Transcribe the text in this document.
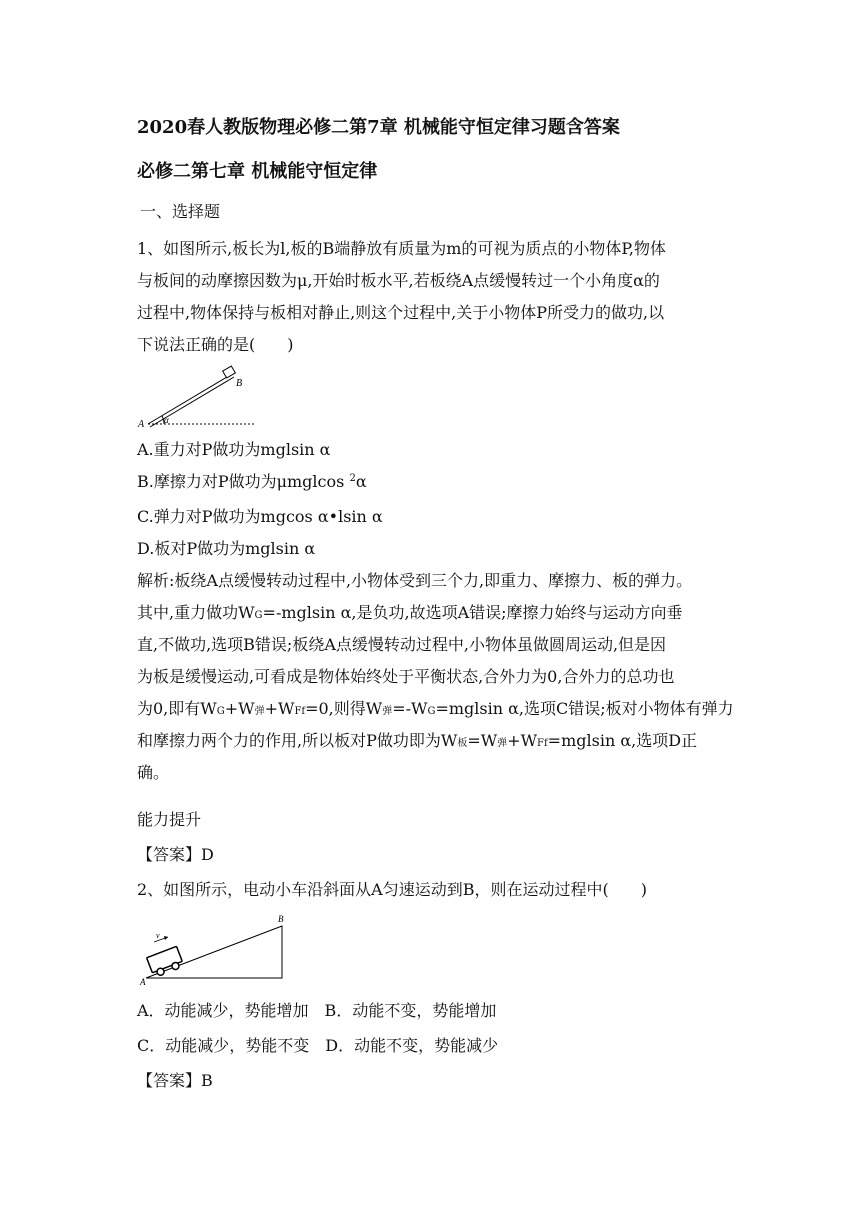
2020春人教版物理必修二第7章 机械能守恒定律习题含答案
必修二第七章 机械能守恒定律
一、选择题
1、如图所示,板长为l,板的B端静放有质量为m的可视为质点的小物体P,物体
与板间的动摩擦因数为μ,开始时板水平,若板绕A点缓慢转过一个小角度α的
过程中,物体保持与板相对静止,则这个过程中,关于小物体P所受力的做功,以
下说法正确的是(　　)
A
B
α
A.重力对P做功为mglsin α
B.摩擦力对P做功为μmglcos $^2$α
C.弹力对P做功为mgcos α•lsin α
D.板对P做功为mglsin α
解析:板绕A点缓慢转动过程中,小物体受到三个力,即重力、摩擦力、板的弹力。
其中,重力做功WG=-mglsin α,是负功,故选项A错误;摩擦力始终与运动方向垂
直,不做功,选项B错误;板绕A点缓慢转动过程中,小物体虽做圆周运动,但是因
为板是缓慢运动,可看成是物体始终处于平衡状态,合外力为0,合外力的总功也
为0,即有WG+W弹+WFf=0,则得W弹=-WG=mglsin α,选项C错误;板对小物体有弹力
和摩擦力两个力的作用,所以板对P做功即为W板=W弹+WFf=mglsin α,选项D正
确。
能力提升
【答案】D
2、如图所示，电动小车沿斜面从A匀速运动到B，则在运动过程中(　　)
v
A
B
A．动能减少，势能增加　B．动能不变，势能增加
C．动能减少，势能不变　D．动能不变，势能减少
【答案】B
